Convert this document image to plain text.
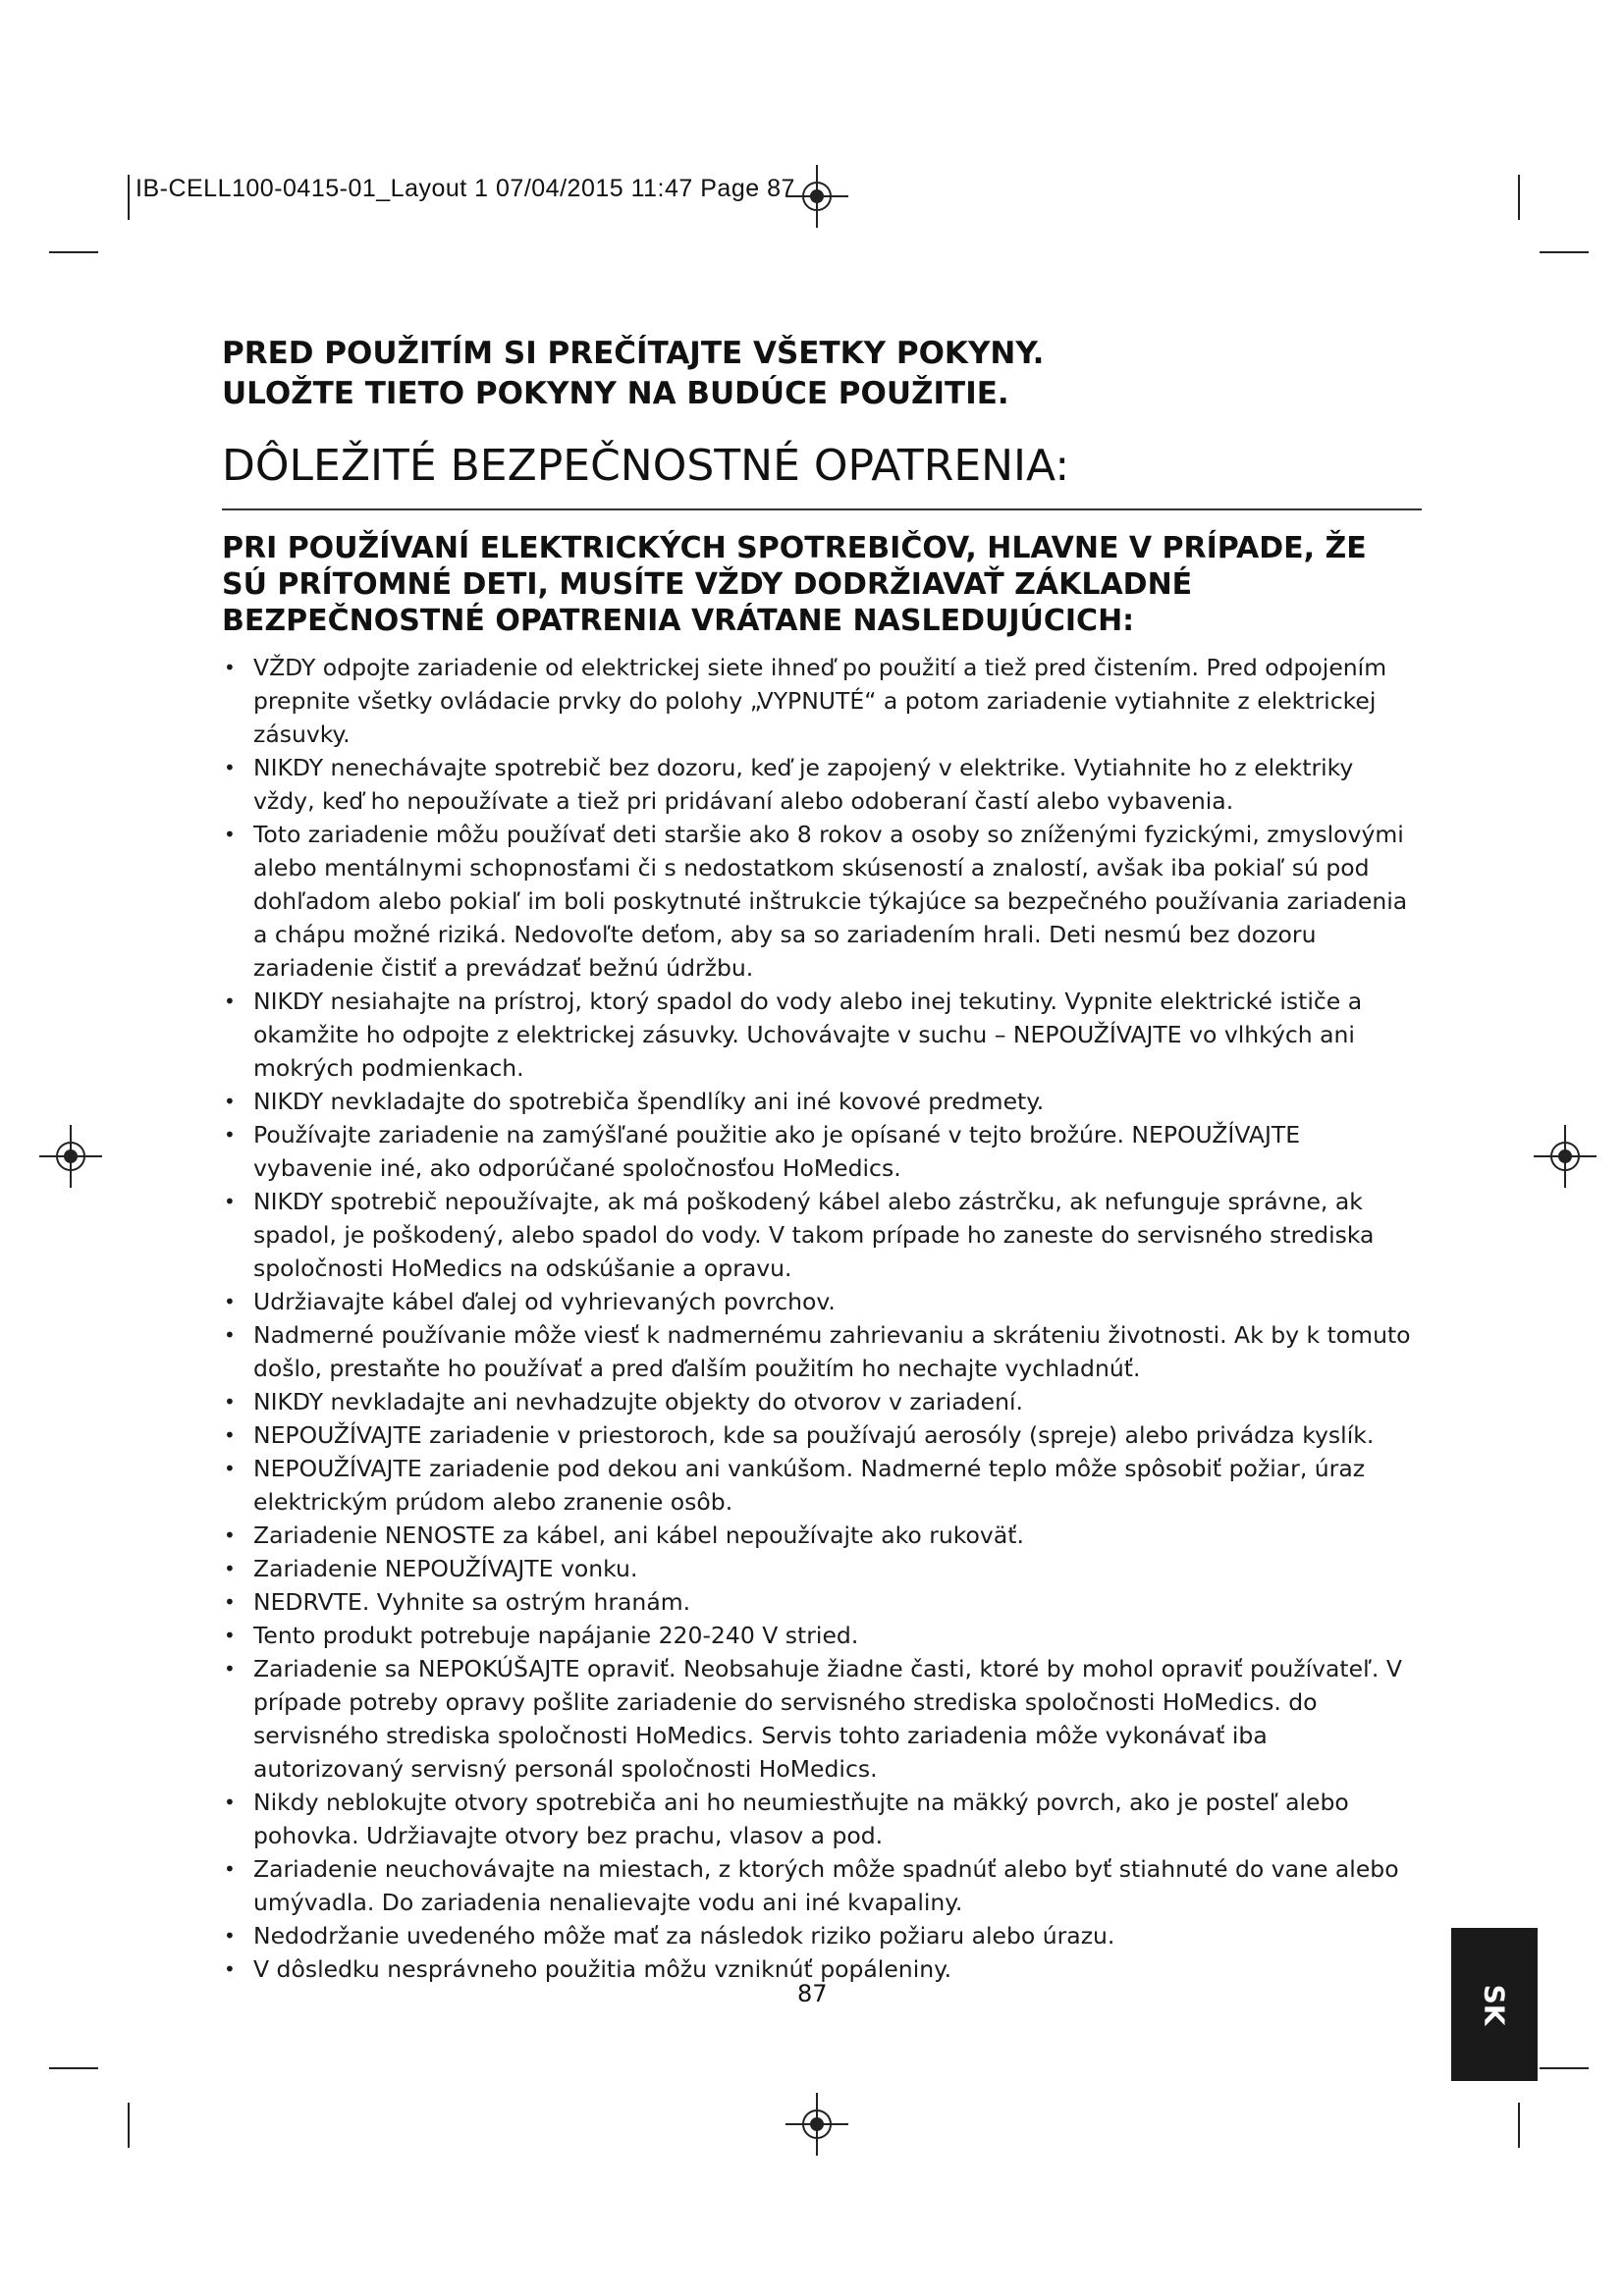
IB-CELL100-0415-01_Layout 1 07/04/2015 11:47 Page 87

PRED POUŽITÍM SI PREČÍTAJTE VŠETKY POKYNY.

ULOŽTE TIETO POKYNY NA BUDÚCE POUŽITIE.

DÔLEŽITÉ BEZPEČNOSTNÉ OPATRENIA:

PRI POUŽÍVANÍ ELEKTRICKÝCH SPOTREBIČOV, HLAVNE V PRÍPADE, ŽE SÚ PRÍTOMNÉ DETI, MUSÍTE VŽDY DODRŽIAVAŤ ZÁKLADNÉ BEZPEČNOSTNÉ OPATRENIA VRÁTANE NASLEDUJÚCICH:

• VŽDY odpojte zariadenie od elektrickej siete ihneď po použití a tiež pred čistením. Pred odpojením prepnite všetky ovládacie prvky do polohy „VYPNUTÉ“ a potom zariadenie vytiahnite z elektrickej zásuvky.
• NIKDY nenechávajte spotrebič bez dozoru, keď je zapojený v elektrike. Vytiahnite ho z elektriky vždy, keď ho nepoužívate a tiež pri pridávaní alebo odoberaní častí alebo vybavenia.
• Toto zariadenie môžu používať deti staršie ako 8 rokov a osoby so zníženými fyzickými, zmyslovými alebo mentálnymi schopnosťami či s nedostatkom skúseností a znalostí, avšak iba pokiaľ sú pod dohľadom alebo pokiaľ im boli poskytnuté inštrukcie týkajúce sa bezpečného používania zariadenia a chápu možné riziká. Nedovoľte deťom, aby sa so zariadením hrali. Deti nesmú bez dozoru zariadenie čistiť a prevádzať bežnú údržbu.
• NIKDY nesiahajte na prístroj, ktorý spadol do vody alebo inej tekutiny. Vypnite elektrické ističe a okamžite ho odpojte z elektrickej zásuvky. Uchovávajte v suchu – NEPOUŽÍVAJTE vo vlhkých ani mokrých podmienkach.
• NIKDY nevkladajte do spotrebiča špendlíky ani iné kovové predmety.
• Používajte zariadenie na zamýšľané použitie ako je opísané v tejto brožúre. NEPOUŽÍVAJTE vybavenie iné, ako odporúčané spoločnosťou HoMedics.
• NIKDY spotrebič nepoužívajte, ak má poškodený kábel alebo zástrčku, ak nefunguje správne, ak spadol, je poškodený, alebo spadol do vody. V takom prípade ho zaneste do servisného strediska spoločnosti HoMedics na odskúšanie a opravu.
• Udržiavajte kábel ďalej od vyhrievaných povrchov.
• Nadmerné používanie môže viesť k nadmernému zahrievaniu a skráteniu životnosti. Ak by k tomuto došlo, prestaňte ho používať a pred ďalším použitím ho nechajte vychladnúť.
• NIKDY nevkladajte ani nevhadzujte objekty do otvorov v zariadení.
• NEPOUŽÍVAJTE zariadenie v priestoroch, kde sa používajú aerosóly (spreje) alebo privádza kyslík.
• NEPOUŽÍVAJTE zariadenie pod dekou ani vankúšom. Nadmerné teplo môže spôsobiť požiar, úraz elektrickým prúdom alebo zranenie osôb.
• Zariadenie NENOSTE za kábel, ani kábel nepoužívajte ako rukoväť.
• Zariadenie NEPOUŽÍVAJTE vonku.
• NEDRVTE. Vyhnite sa ostrým hranám.
• Tento produkt potrebuje napájanie 220-240 V stried.
• Zariadenie sa NEPOKÚŠAJTE opraviť. Neobsahuje žiadne časti, ktoré by mohol opraviť používateľ. V prípade potreby opravy pošlite zariadenie do servisného strediska spoločnosti HoMedics. do servisného strediska spoločnosti HoMedics. Servis tohto zariadenia môže vykonávať iba autorizovaný servisný personál spoločnosti HoMedics.
• Nikdy neblokujte otvory spotrebiča ani ho neumiestňujte na mäkký povrch, ako je posteľ alebo pohovka. Udržiavajte otvory bez prachu, vlasov a pod.
• Zariadenie neuchovávajte na miestach, z ktorých môže spadnúť alebo byť stiahnuté do vane alebo umývadla. Do zariadenia nenalievajte vodu ani iné kvapaliny.
• Nedodržanie uvedeného môže mať za následok riziko požiaru alebo úrazu.
• V dôsledku nesprávneho použitia môžu vzniknúť popáleniny.
87	SK
